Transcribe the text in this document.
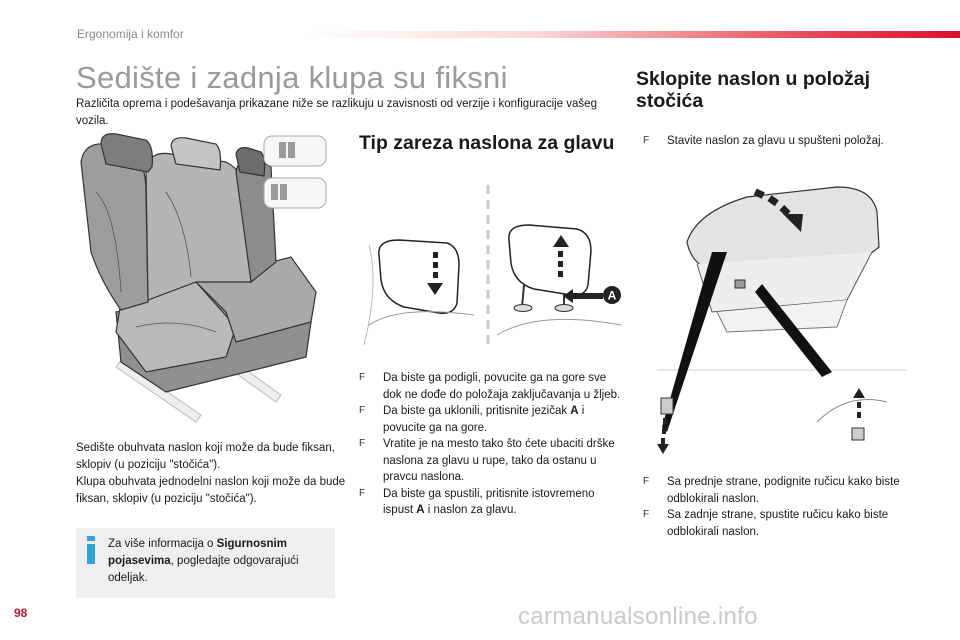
Ergonomija i komfor
Sedište i zadnja klupa su fiksni
Različita oprema i podešavanja prikazane niže se razlikuju u zavisnosti od verzije i konfiguracije vašeg vozila.
Sklopite naslon u položaj stočića
Tip zareza naslona za glavu	F Stavite naslon za glavu u spušteni položaj.
A
F Da biste ga podigli, povucite ga na gore sve dok ne dođe do položaja zaključavanja u žljeb.
F Da biste ga uklonili, pritisnite jezičak A i povucite ga na gore.
F Vratite je na mesto tako što ćete ubaciti drške naslona za glavu u rupe, tako da ostanu u pravcu naslona.
F Da biste ga spustili, pritisnite istovremeno ispust A i naslon za glavu.
F Sa prednje strane, podignite ručicu kako biste odblokirali naslon.
F Sa zadnje strane, spustite ručicu kako biste odblokirali naslon.
Sedište obuhvata naslon koji može da bude fiksan, sklopiv (u poziciju "stočića").
Klupa obuhvata jednodelni naslon koji može da bude fiksan, sklopiv (u poziciju "stočića").
Za više informacija o Sigurnosnim pojasevima, pogledajte odgovarajući odeljak.
98	carmanualsonline.info
